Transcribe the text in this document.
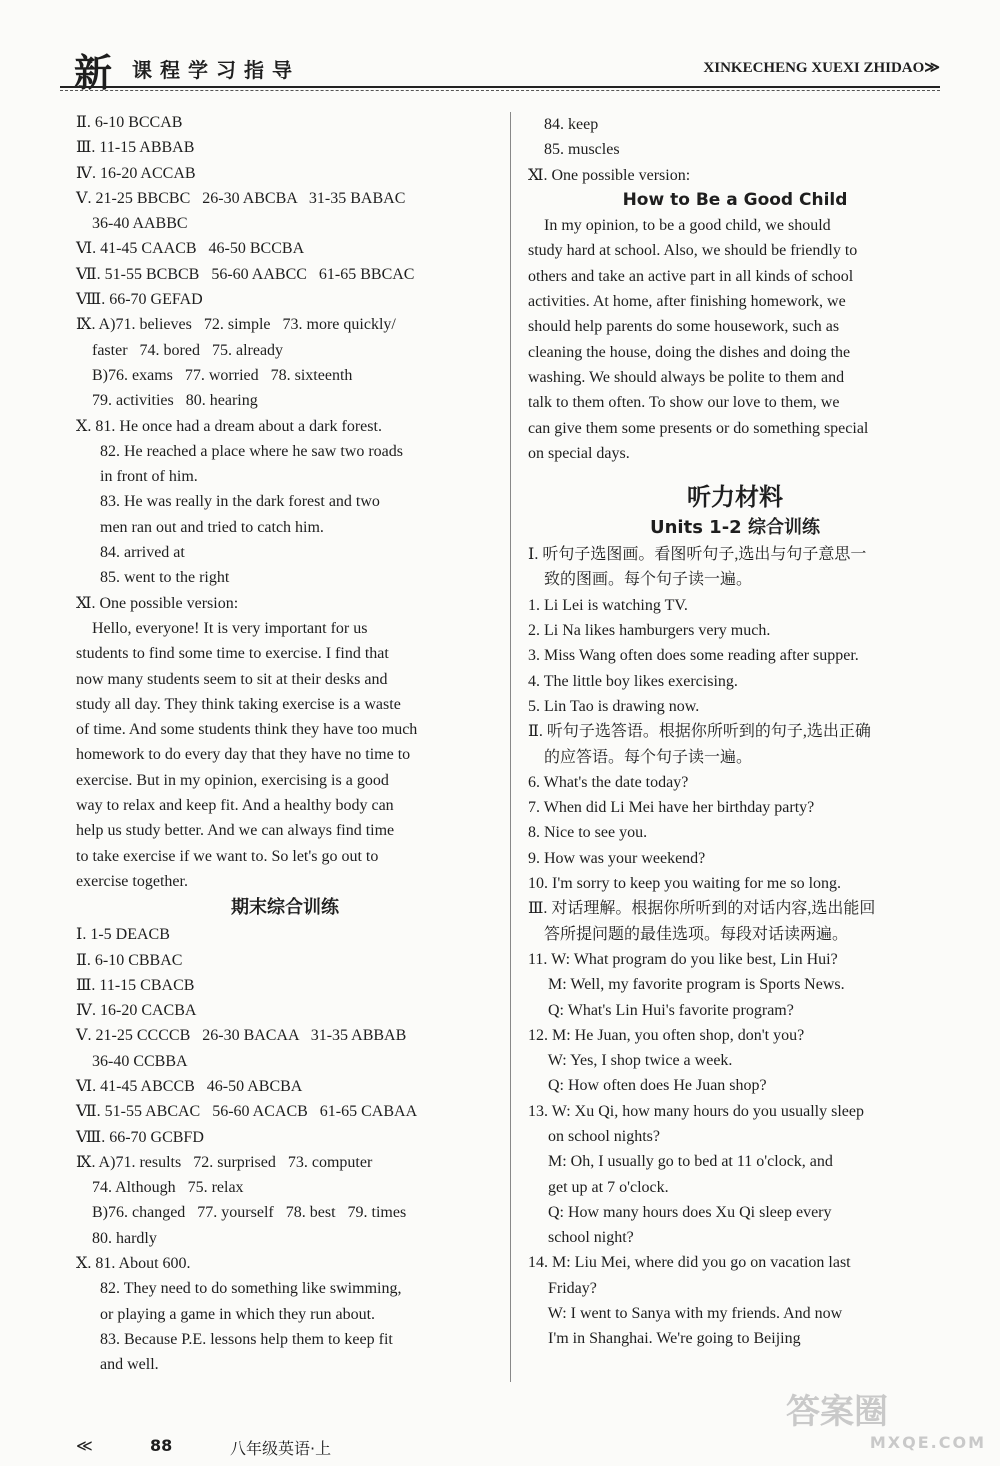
新 课程学习指导	XINKECHENG XUEXI ZHIDAO≫
Ⅱ. 6-10 BCCAB
Ⅲ. 11-15 ABBAB
Ⅳ. 16-20 ACCAB
Ⅴ. 21-25 BBCBC   26-30 ABCBA   31-35 BABAC
36-40 AABBC
Ⅵ. 41-45 CAACB   46-50 BCCBA
Ⅶ. 51-55 BCBCB   56-60 AABCC   61-65 BBCAC
Ⅷ. 66-70 GEFAD
Ⅸ. A)71. believes   72. simple   73. more quickly/
faster   74. bored   75. already
B)76. exams   77. worried   78. sixteenth
79. activities   80. hearing
Ⅹ. 81. He once had a dream about a dark forest.
82. He reached a place where he saw two roads
in front of him.
83. He was really in the dark forest and two
men ran out and tried to catch him.
84. arrived at
85. went to the right
Ⅺ. One possible version:
Hello, everyone! It is very important for us
students to find some time to exercise. I find that
now many students seem to sit at their desks and
study all day. They think taking exercise is a waste
of time. And some students think they have too much
homework to do every day that they have no time to
exercise. But in my opinion, exercising is a good
way to relax and keep fit. And a healthy body can
help us study better. And we can always find time
to take exercise if we want to. So let's go out to
exercise together.
期末综合训练
Ⅰ. 1-5 DEACB
Ⅱ. 6-10 CBBAC
Ⅲ. 11-15 CBACB
Ⅳ. 16-20 CACBA
Ⅴ. 21-25 CCCCB   26-30 BACAA   31-35 ABBAB
36-40 CCBBA
Ⅵ. 41-45 ABCCB   46-50 ABCBA
Ⅶ. 51-55 ABCAC   56-60 ACACB   61-65 CABAA
Ⅷ. 66-70 GCBFD
Ⅸ. A)71. results   72. surprised   73. computer
74. Although   75. relax
B)76. changed   77. yourself   78. best   79. times
80. hardly
Ⅹ. 81. About 600.
82. They need to do something like swimming,
or playing a game in which they run about.
83. Because P.E. lessons help them to keep fit
and well.
84. keep
85. muscles
Ⅺ. One possible version:
How to Be a Good Child
In my opinion, to be a good child, we should
study hard at school. Also, we should be friendly to
others and take an active part in all kinds of school
activities. At home, after finishing homework, we
should help parents do some housework, such as
cleaning the house, doing the dishes and doing the
washing. We should always be polite to them and
talk to them often. To show our love to them, we
can give them some presents or do something special
on special days.
听力材料
Units 1-2 综合训练
Ⅰ. 听句子选图画。看图听句子,选出与句子意思一
致的图画。每个句子读一遍。
1. Li Lei is watching TV.
2. Li Na likes hamburgers very much.
3. Miss Wang often does some reading after supper.
4. The little boy likes exercising.
5. Lin Tao is drawing now.
Ⅱ. 听句子选答语。根据你所听到的句子,选出正确
的应答语。每个句子读一遍。
6. What's the date today?
7. When did Li Mei have her birthday party?
8. Nice to see you.
9. How was your weekend?
10. I'm sorry to keep you waiting for me so long.
Ⅲ. 对话理解。根据你所听到的对话内容,选出能回
答所提问题的最佳选项。每段对话读两遍。
11. W: What program do you like best, Lin Hui?
M: Well, my favorite program is Sports News.
Q: What's Lin Hui's favorite program?
12. M: He Juan, you often shop, don't you?
W: Yes, I shop twice a week.
Q: How often does He Juan shop?
13. W: Xu Qi, how many hours do you usually sleep
on school nights?
M: Oh, I usually go to bed at 11 o'clock, and
get up at 7 o'clock.
Q: How many hours does Xu Qi sleep every
school night?
14. M: Liu Mei, where did you go on vacation last
Friday?
W: I went to Sanya with my friends. And now
I'm in Shanghai. We're going to Beijing
≪	88	八年级英语·上
答案圈
MXQE.COM
